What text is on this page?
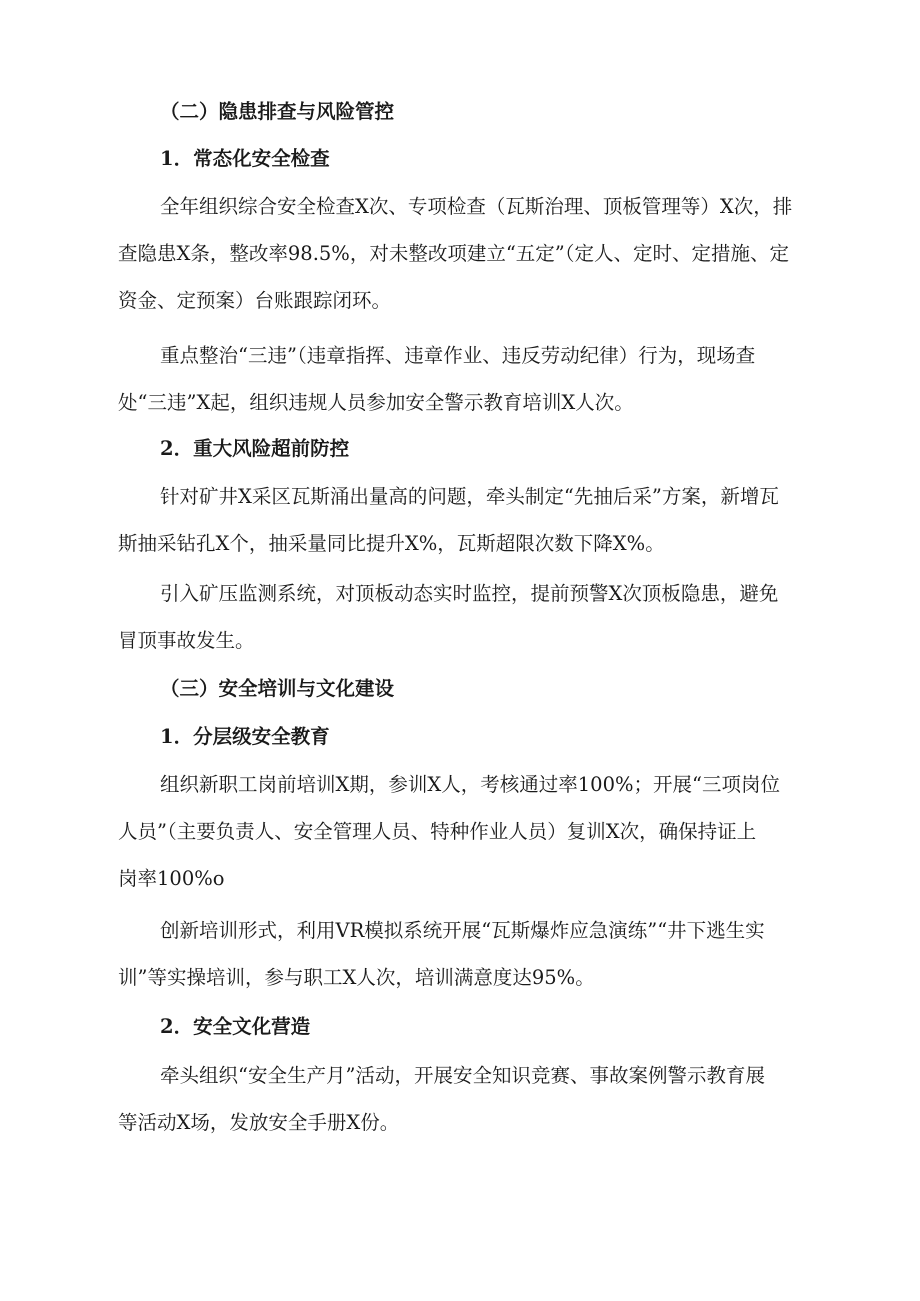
（二）隐患排查与风险管控
1．常态化安全检查
全年组织综合安全检查X次、专项检查（瓦斯治理、顶板管理等）X次，排
查隐患X条，整改率98.5%，对未整改项建立“五定”（定人、定时、定措施、定
资金、定预案）台账跟踪闭环。
重点整治“三违”（违章指挥、违章作业、违反劳动纪律）行为，现场查
处“三违”X起，组织违规人员参加安全警示教育培训X人次。
2．重大风险超前防控
针对矿井X采区瓦斯涌出量高的问题，牵头制定“先抽后采”方案，新增瓦
斯抽采钻孔X个，抽采量同比提升X%，瓦斯超限次数下降X%。
引入矿压监测系统，对顶板动态实时监控，提前预警X次顶板隐患，避免
冒顶事故发生。
（三）安全培训与文化建设
1．分层级安全教育
组织新职工岗前培训X期，参训X人，考核通过率100%；开展“三项岗位
人员”（主要负责人、安全管理人员、特种作业人员）复训X次，确保持证上
岗率100%o
创新培训形式，利用VR模拟系统开展“瓦斯爆炸应急演练”“井下逃生实
训”等实操培训，参与职工X人次，培训满意度达95%。
2．安全文化营造
牵头组织“安全生产月”活动，开展安全知识竞赛、事故案例警示教育展
等活动X场，发放安全手册X份。
